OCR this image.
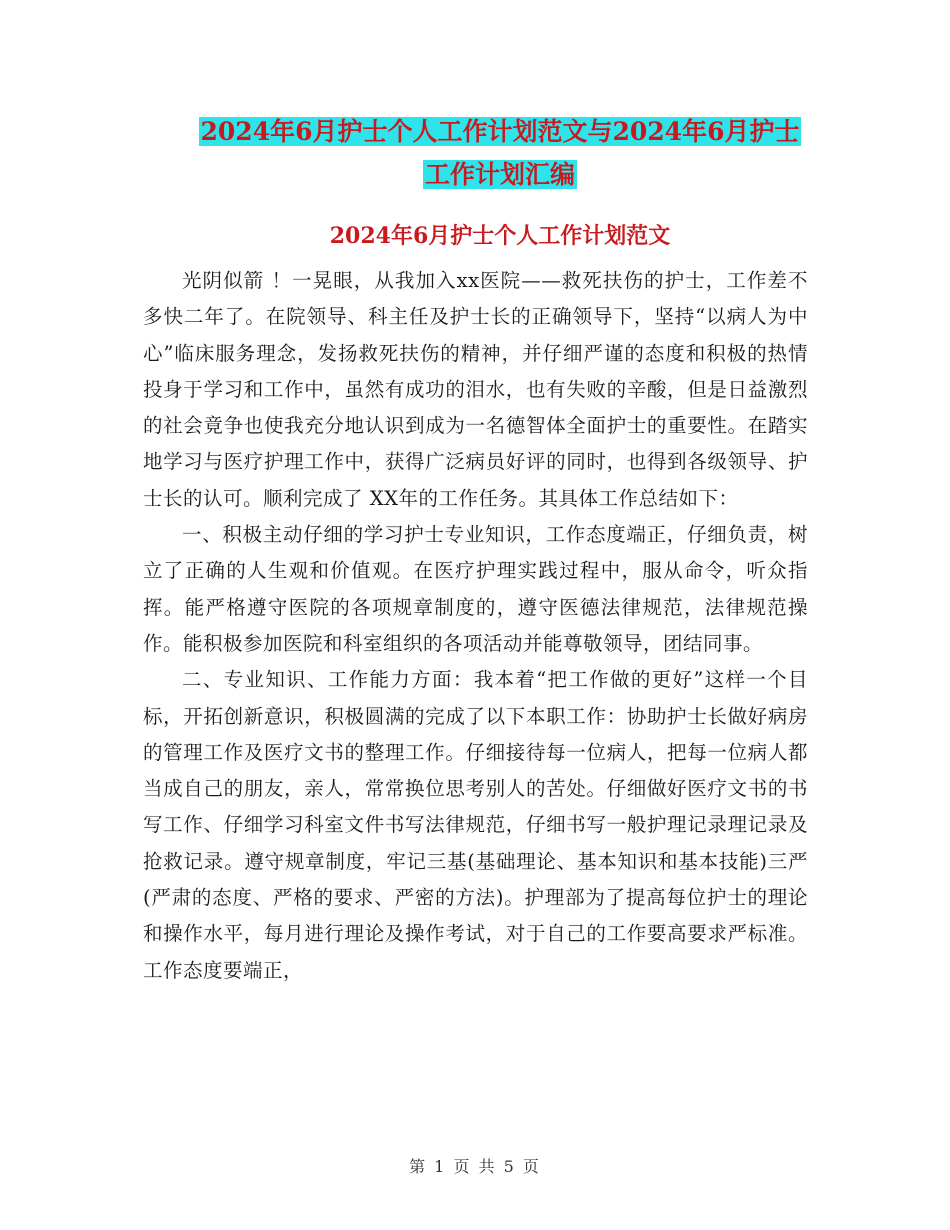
2024年6月护士个人工作计划范文与2024年6月护士
工作计划汇编
2024年6月护士个人工作计划范文

光阴似箭 ！一晃眼，从我加入xx医院——救死扶伤的护士，工作差不多快二年了。在院领导、科主任及护士长的正确领导下，坚持“以病人为中心”临床服务理念，发扬救死扶伤的精神，并仔细严谨的态度和积极的热情投身于学习和工作中，虽然有成功的泪水，也有失败的辛酸，但是日益激烈的社会竟争也使我充分地认识到成为一名德智体全面护士的重要性。在踏实地学习与医疗护理工作中，获得广泛病员好评的同时，也得到各级领导、护士长的认可。顺利完成了 XX年的工作任务。其具体工作总结如下：

一、积极主动仔细的学习护士专业知识，工作态度端正，仔细负责，树立了正确的人生观和价值观。在医疗护理实践过程中，服从命令，听众指挥。能严格遵守医院的各项规章制度的，遵守医德法律规范，法律规范操作。能积极参加医院和科室组织的各项活动并能尊敬领导，团结同事。

二、专业知识、工作能力方面：我本着“把工作做的更好”这样一个目标，开拓创新意识，积极圆满的完成了以下本职工作：协助护士长做好病房的管理工作及医疗文书的整理工作。仔细接待每一位病人，把每一位病人都当成自己的朋友，亲人，常常换位思考别人的苦处。仔细做好医疗文书的书写工作、仔细学习科室文件书写法律规范，仔细书写一般护理记录理记录及抢救记录。遵守规章制度，牢记三基(基础理论、基本知识和基本技能)三严(严肃的态度、严格的要求、严密的方法)。护理部为了提高每位护士的理论和操作水平，每月进行理论及操作考试，对于自己的工作要高要求严标准。工作态度要端正，

第 1 页 共 5 页
